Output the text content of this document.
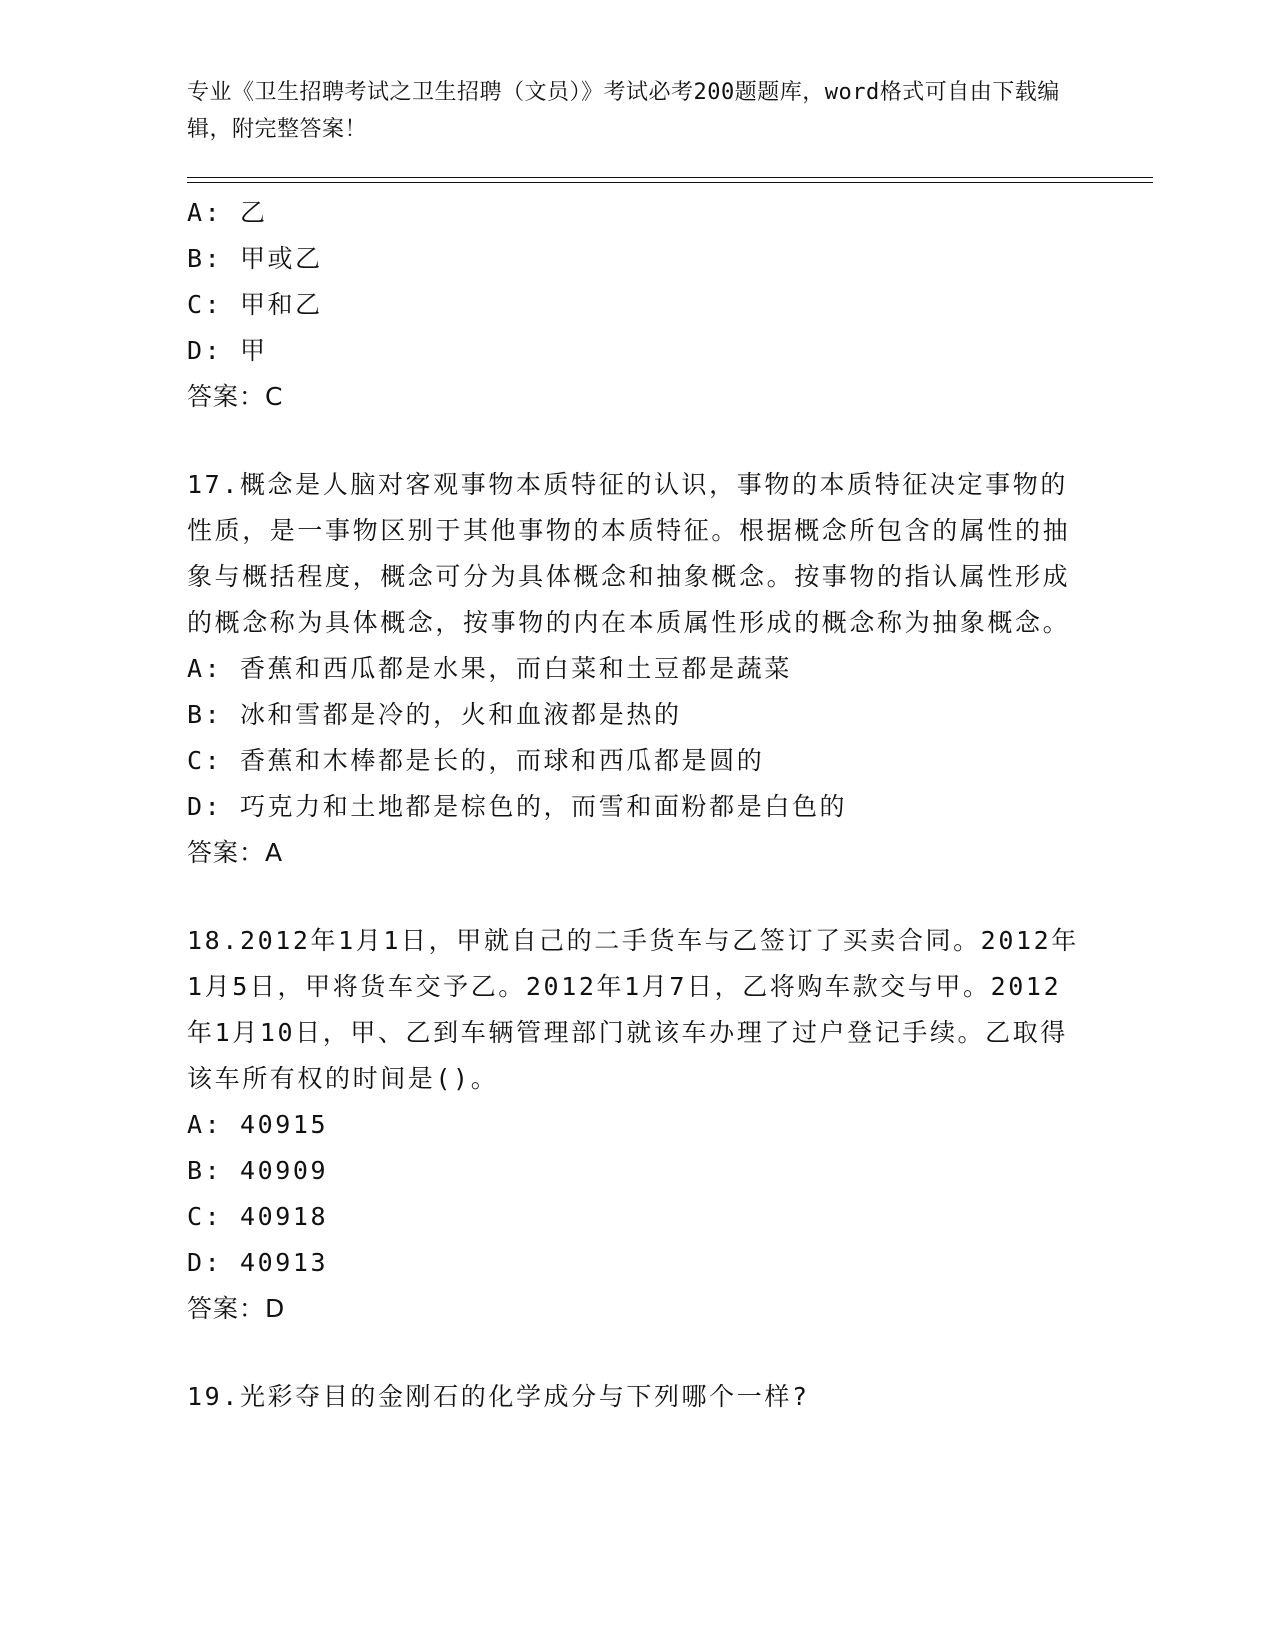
专业《卫生招聘考试之卫生招聘（文员）》考试必考200题题库，word格式可自由下载编辑，附完整答案！
A: 乙
B: 甲或乙
C: 甲和乙
D: 甲
答案：C
17.概念是人脑对客观事物本质特征的认识，事物的本质特征决定事物的性质，是一事物区别于其他事物的本质特征。根据概念所包含的属性的抽象与概括程度，概念可分为具体概念和抽象概念。按事物的指认属性形成的概念称为具体概念，按事物的内在本质属性形成的概念称为抽象概念。
A: 香蕉和西瓜都是水果，而白菜和土豆都是蔬菜
B: 冰和雪都是冷的，火和血液都是热的
C: 香蕉和木棒都是长的，而球和西瓜都是圆的
D: 巧克力和土地都是棕色的，而雪和面粉都是白色的
答案：A
18.2012年1月1日，甲就自己的二手货车与乙签订了买卖合同。2012年1月5日，甲将货车交予乙。2012年1月7日，乙将购车款交与甲。2012年1月10日，甲、乙到车辆管理部门就该车办理了过户登记手续。乙取得该车所有权的时间是()。
A: 40915
B: 40909
C: 40918
D: 40913
答案：D
19.光彩夺目的金刚石的化学成分与下列哪个一样?
